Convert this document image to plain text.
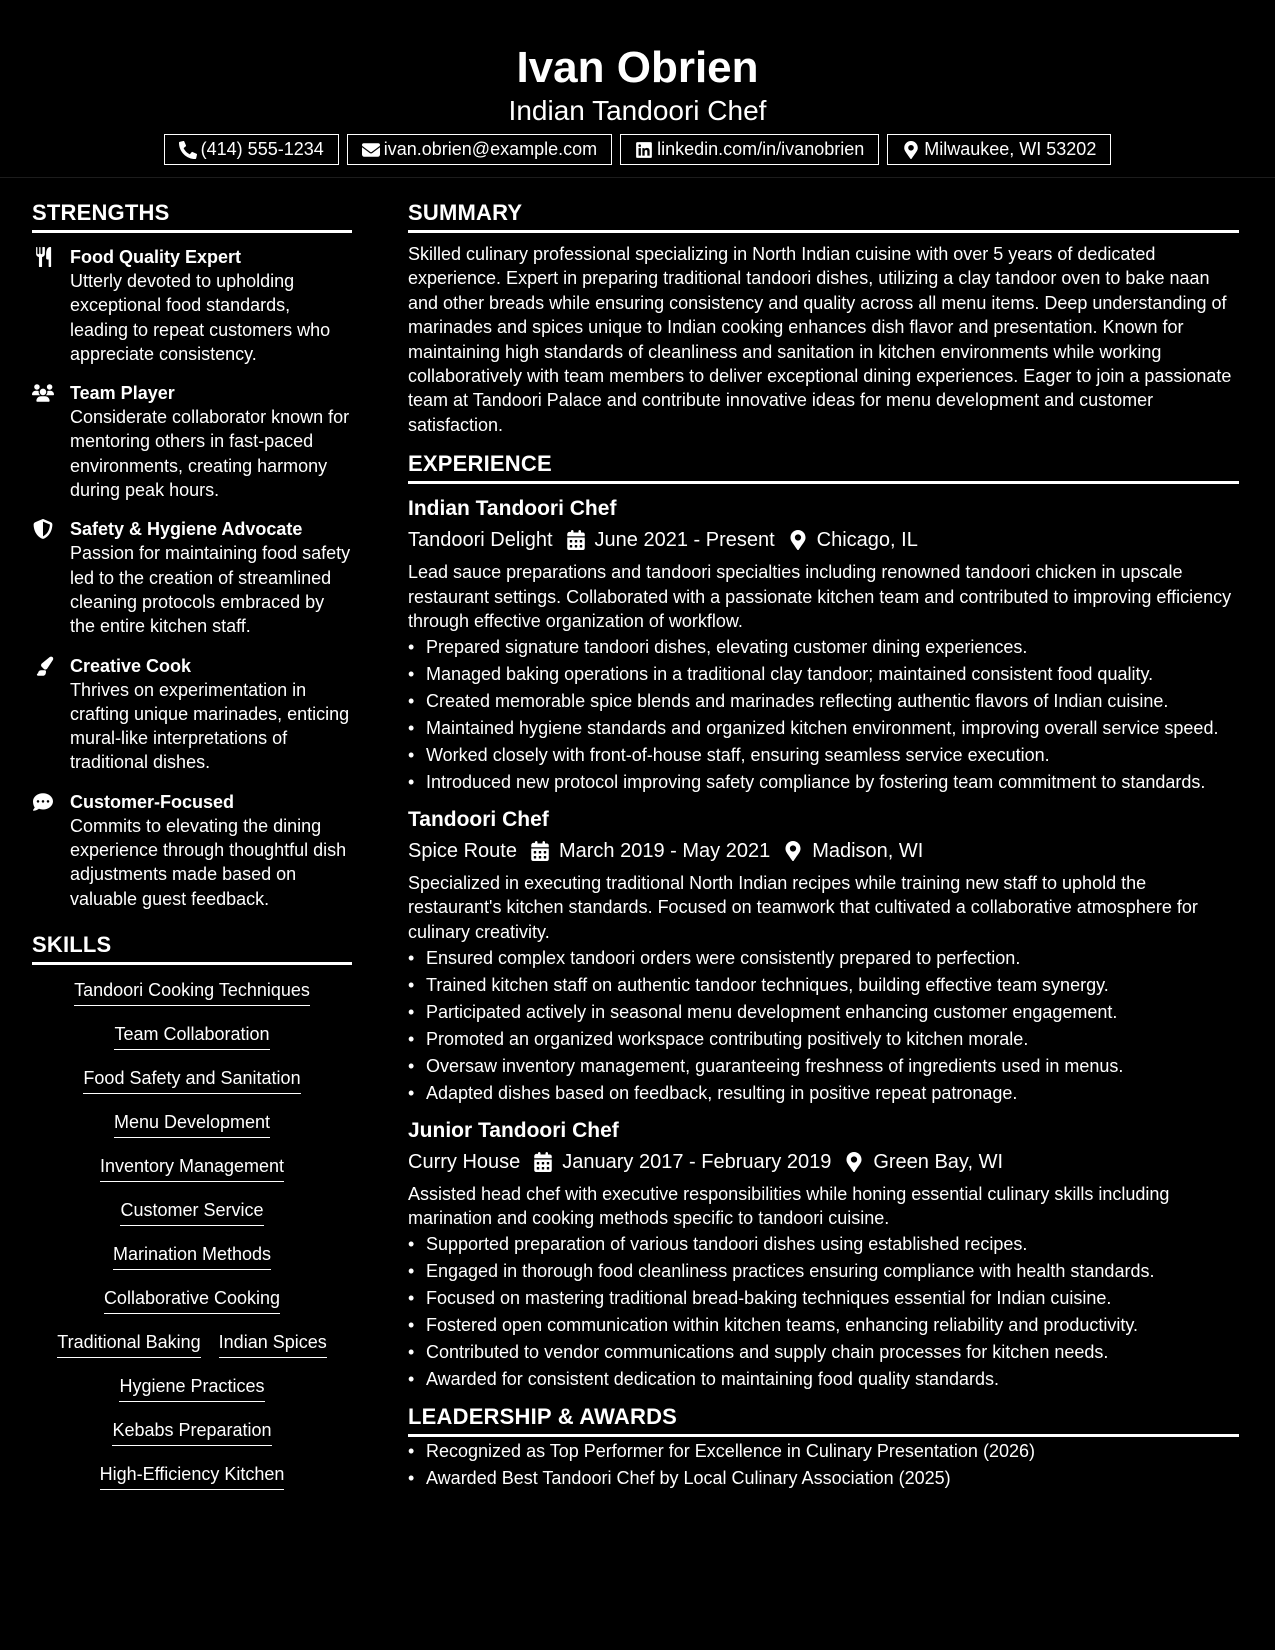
Ivan Obrien
Indian Tandoori Chef
(414) 555-1234	ivan.obrien@example.com	linkedin.com/in/ivanobrien	Milwaukee, WI 53202
STRENGTHS
Food Quality Expert
Utterly devoted to upholding exceptional food standards, leading to repeat customers who appreciate consistency.
Team Player
Considerate collaborator known for mentoring others in fast-paced environments, creating harmony during peak hours.
Safety & Hygiene Advocate
Passion for maintaining food safety led to the creation of streamlined cleaning protocols embraced by the entire kitchen staff.
Creative Cook
Thrives on experimentation in crafting unique marinades, enticing mural-like interpretations of traditional dishes.
Customer-Focused
Commits to elevating the dining experience through thoughtful dish adjustments made based on valuable guest feedback.
SKILLS
Tandoori Cooking Techniques
Team Collaboration
Food Safety and Sanitation
Menu Development
Inventory Management
Customer Service
Marination Methods
Collaborative Cooking
Traditional Baking Indian Spices
Hygiene Practices
Kebabs Preparation
High-Efficiency Kitchen
SUMMARY
Skilled culinary professional specializing in North Indian cuisine with over 5 years of dedicated experience. Expert in preparing traditional tandoori dishes, utilizing a clay tandoor oven to bake naan and other breads while ensuring consistency and quality across all menu items. Deep understanding of marinades and spices unique to Indian cooking enhances dish flavor and presentation. Known for maintaining high standards of cleanliness and sanitation in kitchen environments while working collaboratively with team members to deliver exceptional dining experiences. Eager to join a passionate team at Tandoori Palace and contribute innovative ideas for menu development and customer satisfaction.
EXPERIENCE
Indian Tandoori Chef
Tandoori Delight June 2021 - Present Chicago, IL
Lead sauce preparations and tandoori specialties including renowned tandoori chicken in upscale restaurant settings. Collaborated with a passionate kitchen team and contributed to improving efficiency through effective organization of workflow.
• Prepared signature tandoori dishes, elevating customer dining experiences.
• Managed baking operations in a traditional clay tandoor; maintained consistent food quality.
• Created memorable spice blends and marinades reflecting authentic flavors of Indian cuisine.
• Maintained hygiene standards and organized kitchen environment, improving overall service speed.
• Worked closely with front-of-house staff, ensuring seamless service execution.
• Introduced new protocol improving safety compliance by fostering team commitment to standards.
Tandoori Chef
Spice Route March 2019 - May 2021 Madison, WI
Specialized in executing traditional North Indian recipes while training new staff to uphold the restaurant's kitchen standards. Focused on teamwork that cultivated a collaborative atmosphere for culinary creativity.
• Ensured complex tandoori orders were consistently prepared to perfection.
• Trained kitchen staff on authentic tandoor techniques, building effective team synergy.
• Participated actively in seasonal menu development enhancing customer engagement.
• Promoted an organized workspace contributing positively to kitchen morale.
• Oversaw inventory management, guaranteeing freshness of ingredients used in menus.
• Adapted dishes based on feedback, resulting in positive repeat patronage.
Junior Tandoori Chef
Curry House January 2017 - February 2019 Green Bay, WI
Assisted head chef with executive responsibilities while honing essential culinary skills including marination and cooking methods specific to tandoori cuisine.
• Supported preparation of various tandoori dishes using established recipes.
• Engaged in thorough food cleanliness practices ensuring compliance with health standards.
• Focused on mastering traditional bread-baking techniques essential for Indian cuisine.
• Fostered open communication within kitchen teams, enhancing reliability and productivity.
• Contributed to vendor communications and supply chain processes for kitchen needs.
• Awarded for consistent dedication to maintaining food quality standards.
LEADERSHIP & AWARDS
• Recognized as Top Performer for Excellence in Culinary Presentation (2026)
• Awarded Best Tandoori Chef by Local Culinary Association (2025)
